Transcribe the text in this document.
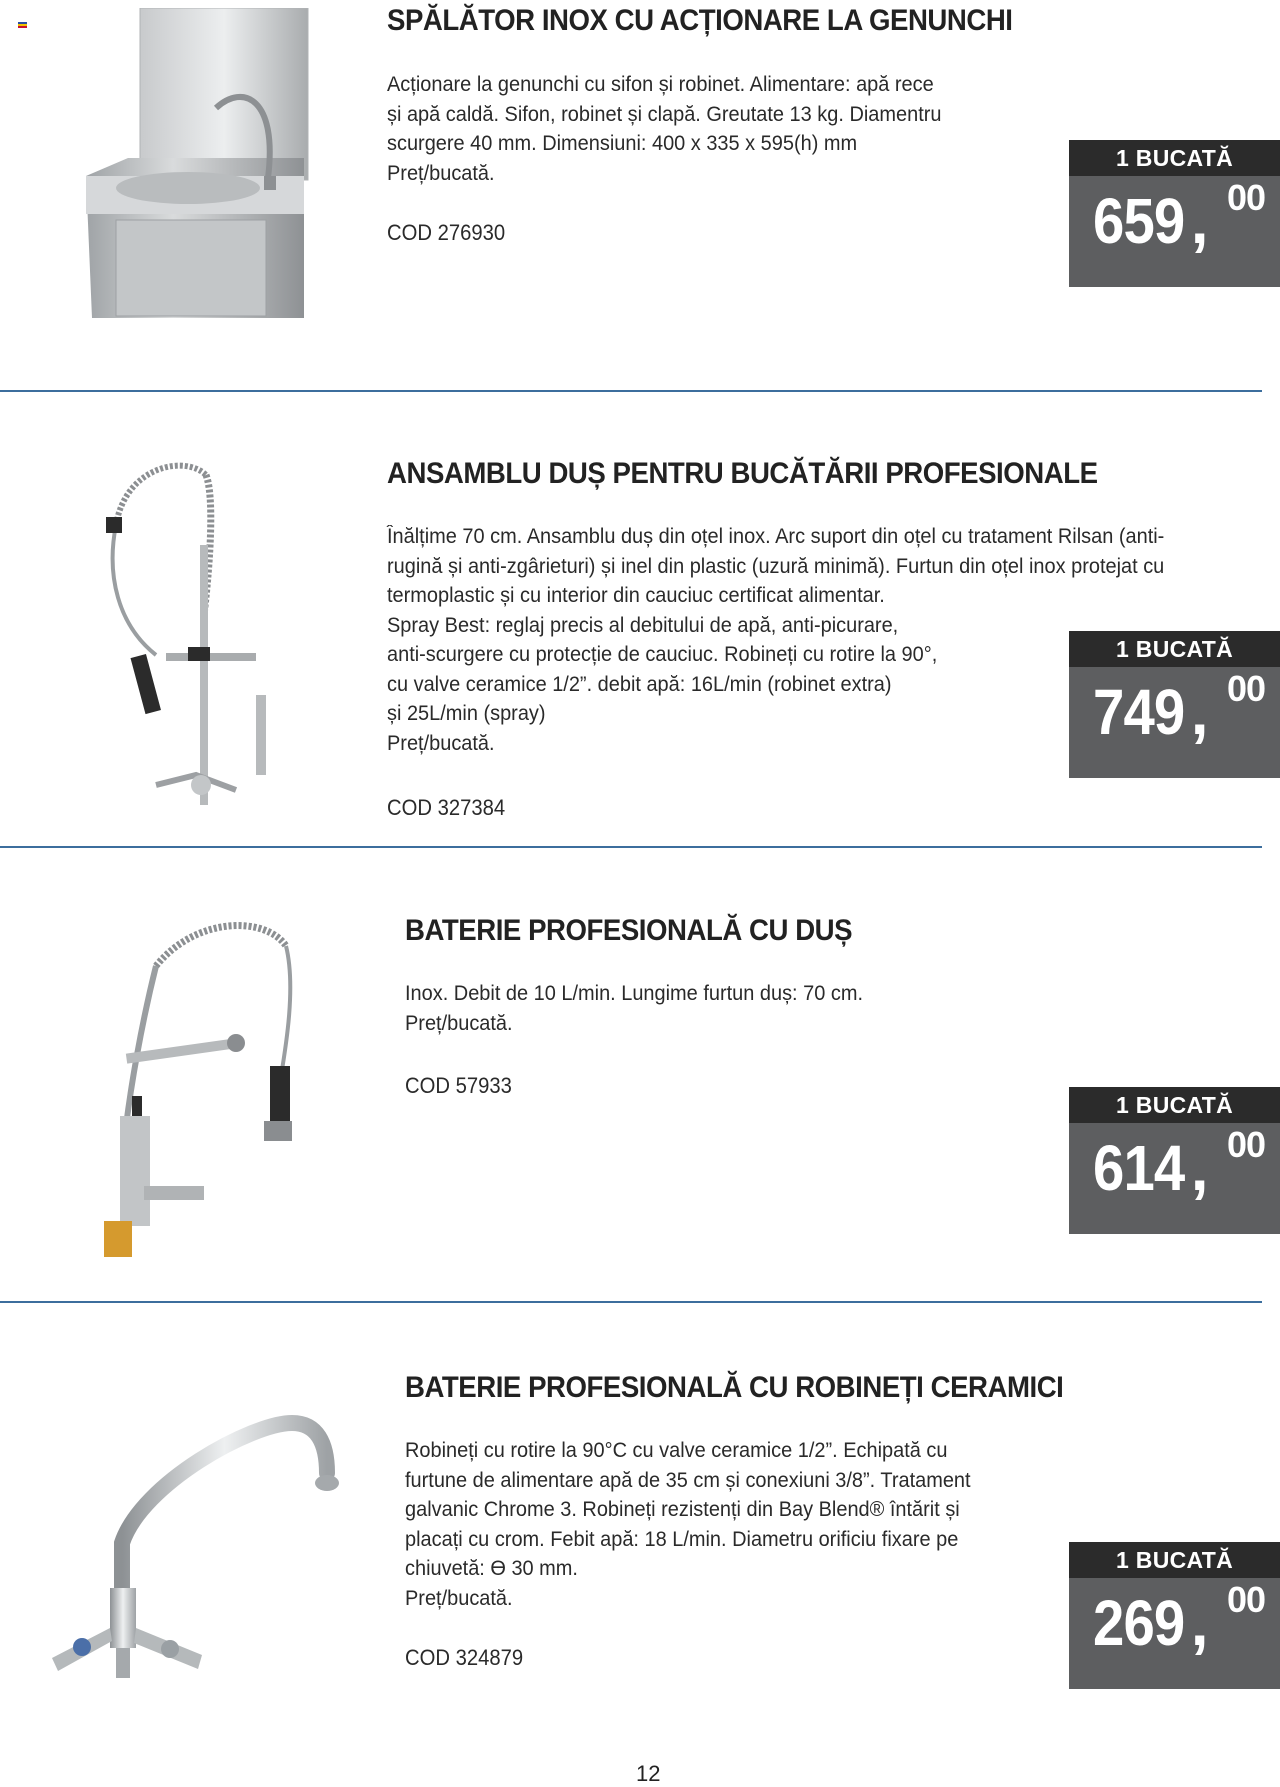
SPĂLĂTOR INOX CU ACȚIONARE LA GENUNCHI

Acționare la genunchi cu sifon și robinet. Alimentare: apă rece
și apă caldă. Sifon, robinet și clapă. Greutate 13 kg. Diamentru
scurgere 40 mm. Dimensiuni: 400 x 335 x 595(h) mm
Preț/bucată.

COD 276930
1 BUCATĂ
659 , 00
ANSAMBLU DUȘ PENTRU BUCĂTĂRII PROFESIONALE

Înălțime 70 cm. Ansamblu duș din oțel inox. Arc suport din oțel cu tratament Rilsan (anti-
rugină și anti-zgârieturi) și inel din plastic (uzură minimă). Furtun din oțel inox protejat cu
termoplastic și cu interior din cauciuc certificat alimentar.
Spray Best: reglaj precis al debitului de apă, anti-picurare,
anti-scurgere cu protecție de cauciuc. Robineți cu rotire la 90°,
cu valve ceramice 1/2”. debit apă: 16L/min (robinet extra)
și 25L/min (spray)
Preț/bucată.

COD 327384
1 BUCATĂ
749 , 00
BATERIE PROFESIONALĂ CU DUȘ

Inox. Debit de 10 L/min. Lungime furtun duș: 70 cm.
Preț/bucată.

COD 57933
1 BUCATĂ
614 , 00
BATERIE PROFESIONALĂ CU ROBINEȚI CERAMICI

Robineți cu rotire la 90°C cu valve ceramice 1/2”. Echipată cu
furtune de alimentare apă de 35 cm și conexiuni 3/8”. Tratament
galvanic Chrome 3. Robineți rezistenți din Bay Blend® întărit și
placați cu crom. Febit apă: 18 L/min. Diametru orificiu fixare pe
chiuvetă: ϴ 30 mm.
Preț/bucată.

COD 324879
1 BUCATĂ
269 , 00
12
